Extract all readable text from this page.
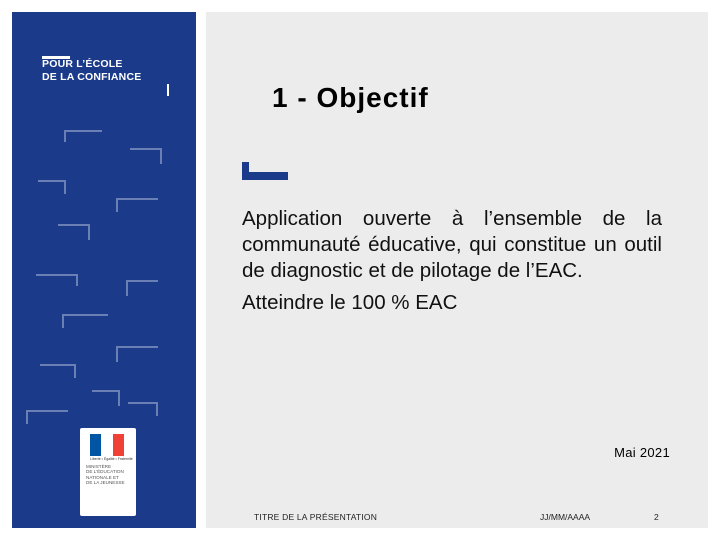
POUR L’ÉCOLE
DE LA CONFIANCE
Liberté • Égalité • Fraternité
MINISTÈRE
DE L'ÉDUCATION
NATIONALE ET
DE LA JEUNESSE
1 - Objectif

Application ouverte à l’ensemble de la communauté éducative, qui constitue un outil de diagnostic et de pilotage de l’EAC.

Atteindre le 100 % EAC

Mai 2021
TITRE DE LA PRÉSENTATION	JJ/MM/AAAA	2
